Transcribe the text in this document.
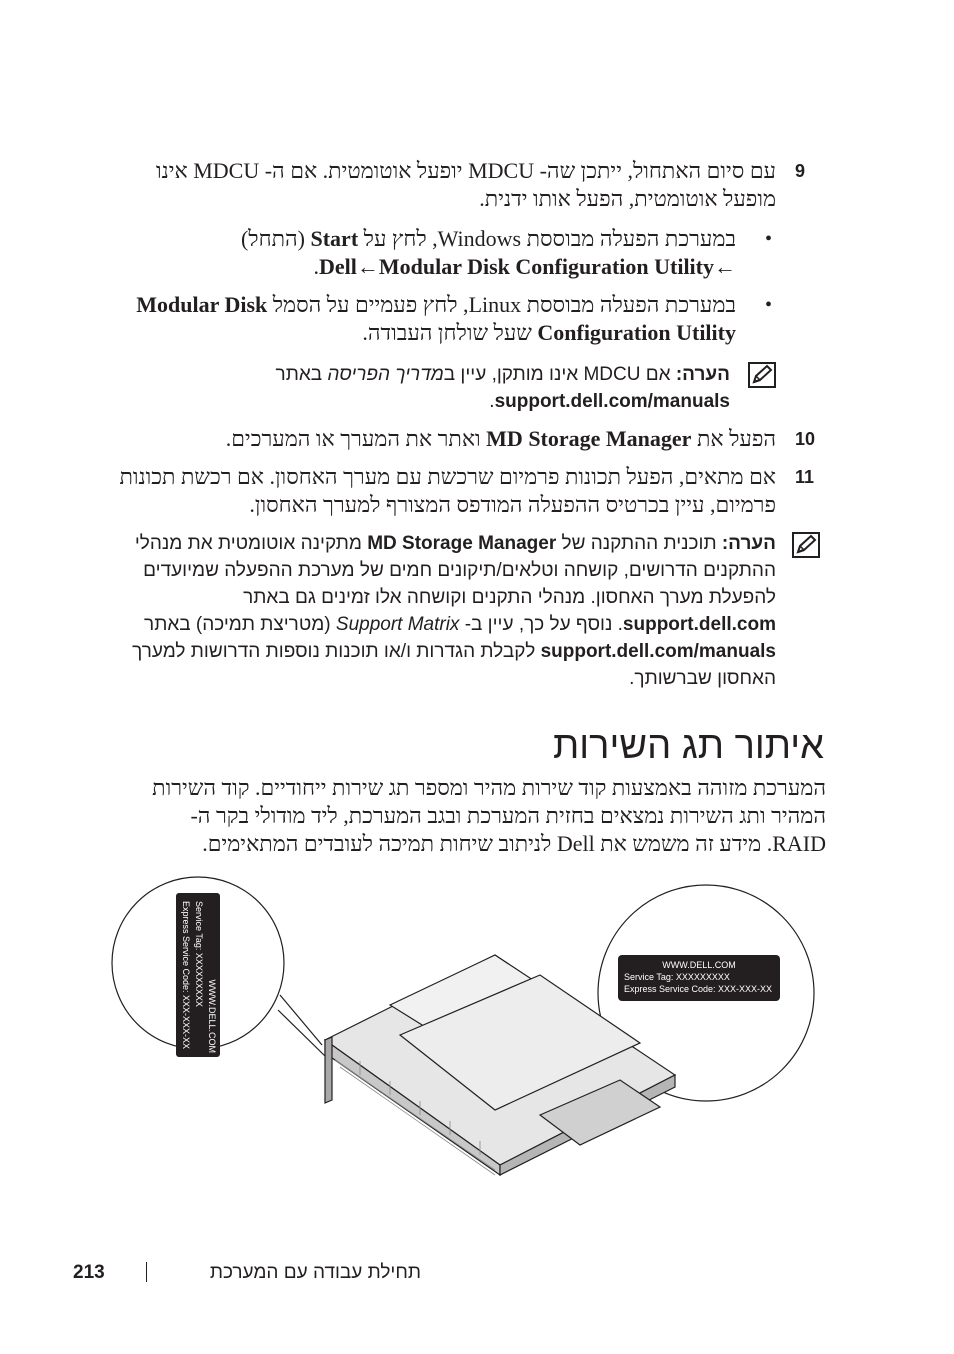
9
עם סיום האתחול, ייתכן שה- MDCU יופעל אוטומטית. אם ה- MDCU אינו מופעל אוטומטית, הפעל אותו ידנית.
•
במערכת הפעלה מבוססת Windows, לחץ על Start (התחל) ←Dell←Modular Disk Configuration Utility.
•
במערכת הפעלה מבוססת Linux, לחץ פעמיים על הסמל Modular Disk Configuration Utility שעל שולחן העבודה.
הערה: אם MDCU אינו מותקן, עיין במדריך הפריסה באתר
support.dell.com/manuals.
10
הפעל את MD Storage Manager ואתר את המערך או המערכים.
11
אם מתאים, הפעל תכונות פרמיום שרכשת עם מערך האחסון. אם רכשת תכונות פרמיום, עיין בכרטיס ההפעלה המודפס המצורף למערך האחסון.
הערה: תוכנית ההתקנה של MD Storage Manager מתקינה אוטומטית את מנהלי ההתקנים הדרושים, קושחה וטלאים/תיקונים חמים של מערכת ההפעלה שמיועדים להפעלת מערך האחסון. מנהלי התקנים וקושחה אלו זמינים גם באתר support.dell.com. נוסף על כך, עיין ב- Support Matrix (מטריצת תמיכה) באתר support.dell.com/manuals לקבלת הגדרות ו/או תוכנות נוספות הדרושות למערך האחסון שברשותך.
איתור תג השירות
המערכת מזוהה באמצעות קוד שירות מהיר ומספר תג שירות ייחודיים. קוד השירות המהיר ותג השירות נמצאים בחזית המערכת ובגב המערכת, ליד מודולי בקר ה- RAID. מידע זה משמש את Dell לניתוב שיחות תמיכה לעובדים המתאימים.
WWW.DELL.COM
Service Tag: XXXXXXXXX
Express Service Code: XXX-XXX-XX
WWW.DELL.COM
Service Tag: XXXXXXXXX
Express Service Code: XXX-XXX-XX
213	תחילת עבודה עם המערכת
